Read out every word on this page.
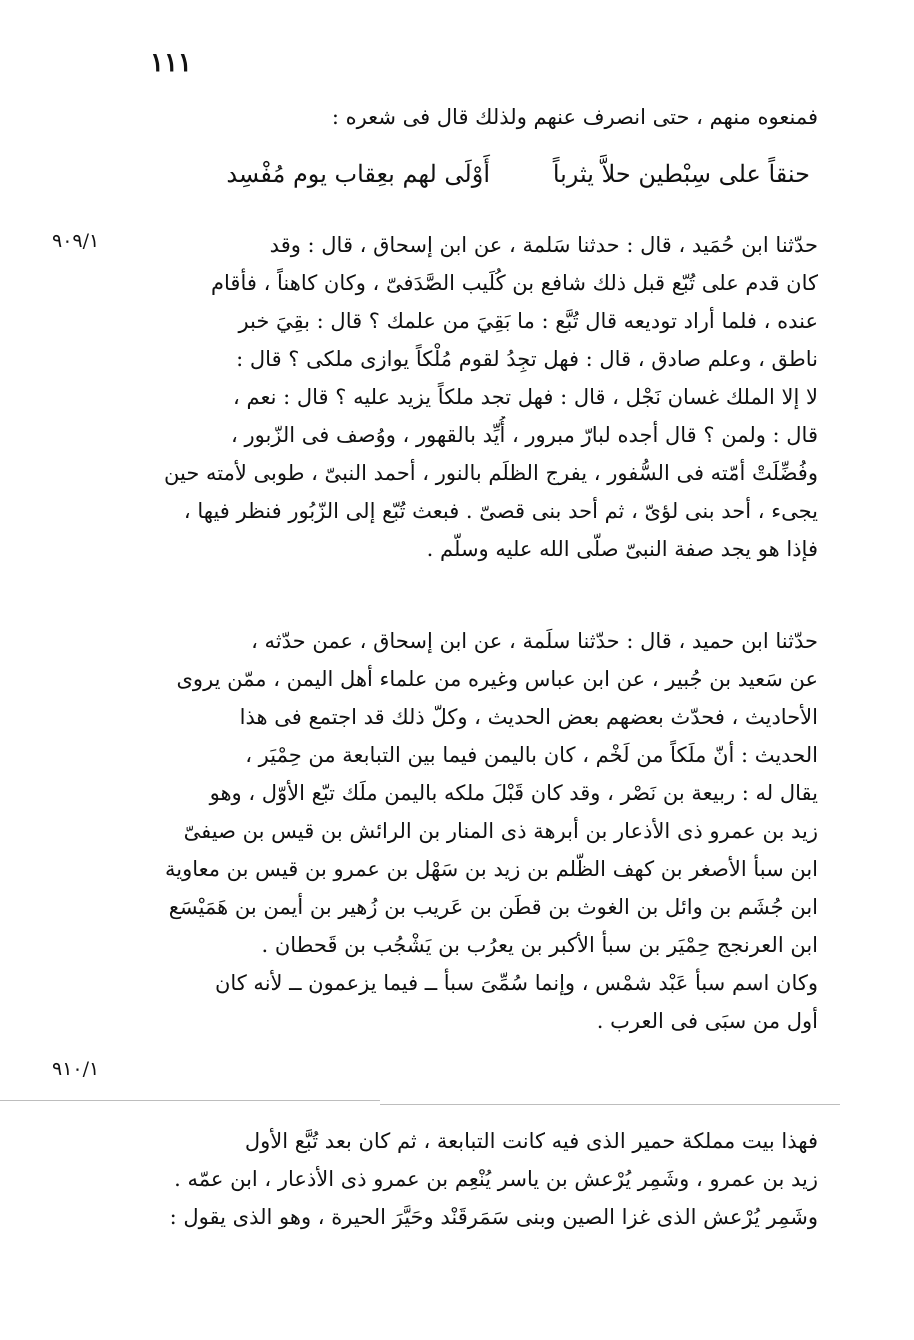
١١١
فمنعوه منهم ، حتى انصرف عنهم ولذلك قال فى شعره :
حنقاً على سِبْطين حلاَّ يثرباً
أَوْلَى لهم بعِقاب يوم مُفْسِد
٩٠٩/١	حدّثنا ابن حُمَيد ، قال : حدثنا سَلمة ، عن ابن إسحاق ، قال : وقد
كان قدم على تُبّع قبل ذلك شافع بن كُلَيب الصَّدَفىّ ، وكان كاهناً ، فأقام
عنده ، فلما أراد توديعه قال تُبَّع : ما بَقِيَ من علمك ؟ قال : بقِيَ خبر
ناطق ، وعلم صادق ، قال : فهل تجِدُ لقوم مُلْكاً يوازى ملكى ؟ قال :
لا إلا الملك غسان نَجْل ، قال : فهل تجد ملكاً يزيد عليه ؟ قال : نعم ،
قال : ولمن ؟ قال أجده لبارّ مبرور ، أُيِّد بالقهور ، ووُصف فى الزّبور ،
وفُضِّلَتْ أمّته فى السُّفور ، يفرج الظلَم بالنور ، أحمد النبىّ ، طوبى لأمته حين
يجىء ، أحد بنى لؤىّ ، ثم أحد بنى قصىّ . فبعث تُبّع إلى الزّبُور فنظر فيها ،
فإذا هو يجد صفة النبىّ صلّى الله عليه وسلّم .
حدّثنا ابن حميد ، قال : حدّثنا سلَمة ، عن ابن إسحاق ، عمن حدّثه ،
عن سَعيد بن جُبير ، عن ابن عباس وغيره من علماء أهل اليمن ، ممّن يروى
الأحاديث ، فحدّث بعضهم بعض الحديث ، وكلّ ذلك قد اجتمع فى هذا
الحديث : أنّ ملَكاً من لَخْم ، كان باليمن فيما بين التبابعة من حِمْيَر ،
يقال له : ربيعة بن نَصْر ، وقد كان قَبْلَ ملكه باليمن ملَك تبّع الأوّل ، وهو
زيد بن عمرو ذى الأذعار بن أبرهة ذى المنار بن الرائش بن قيس بن صيفىّ
ابن سبأ الأصغر بن كهف الظّلم بن زيد بن سَهْل بن عمرو بن قيس بن معاوية
ابن جُشَم بن وائل بن الغوث بن قطَن بن عَريب بن زُهير بن أيمن بن هَمَيْسَع
ابن العرنجج حِمْيَر بن سبأ الأكبر بن يعرُب بن يَشْجُب بن قَحطان .
وكان اسم سبأ عَبْد شمْس ، وإنما سُمِّىَ سبأ ــ فيما يزعمون ــ لأنه كان
أول من سبَى فى العرب .
٩١٠/١
فهذا بيت مملكة حمير الذى فيه كانت التبابعة ، ثم كان بعد تُبَّع الأول
زيد بن عمرو ، وشَمِر يُرْعش بن ياسر يُنْعِم بن عمرو ذى الأذعار ، ابن عمّه .
وشَمِر يُرْعش الذى غزا الصين وبنى سَمَرقَنْد وحَيَّرَ الحيرة ، وهو الذى يقول :
